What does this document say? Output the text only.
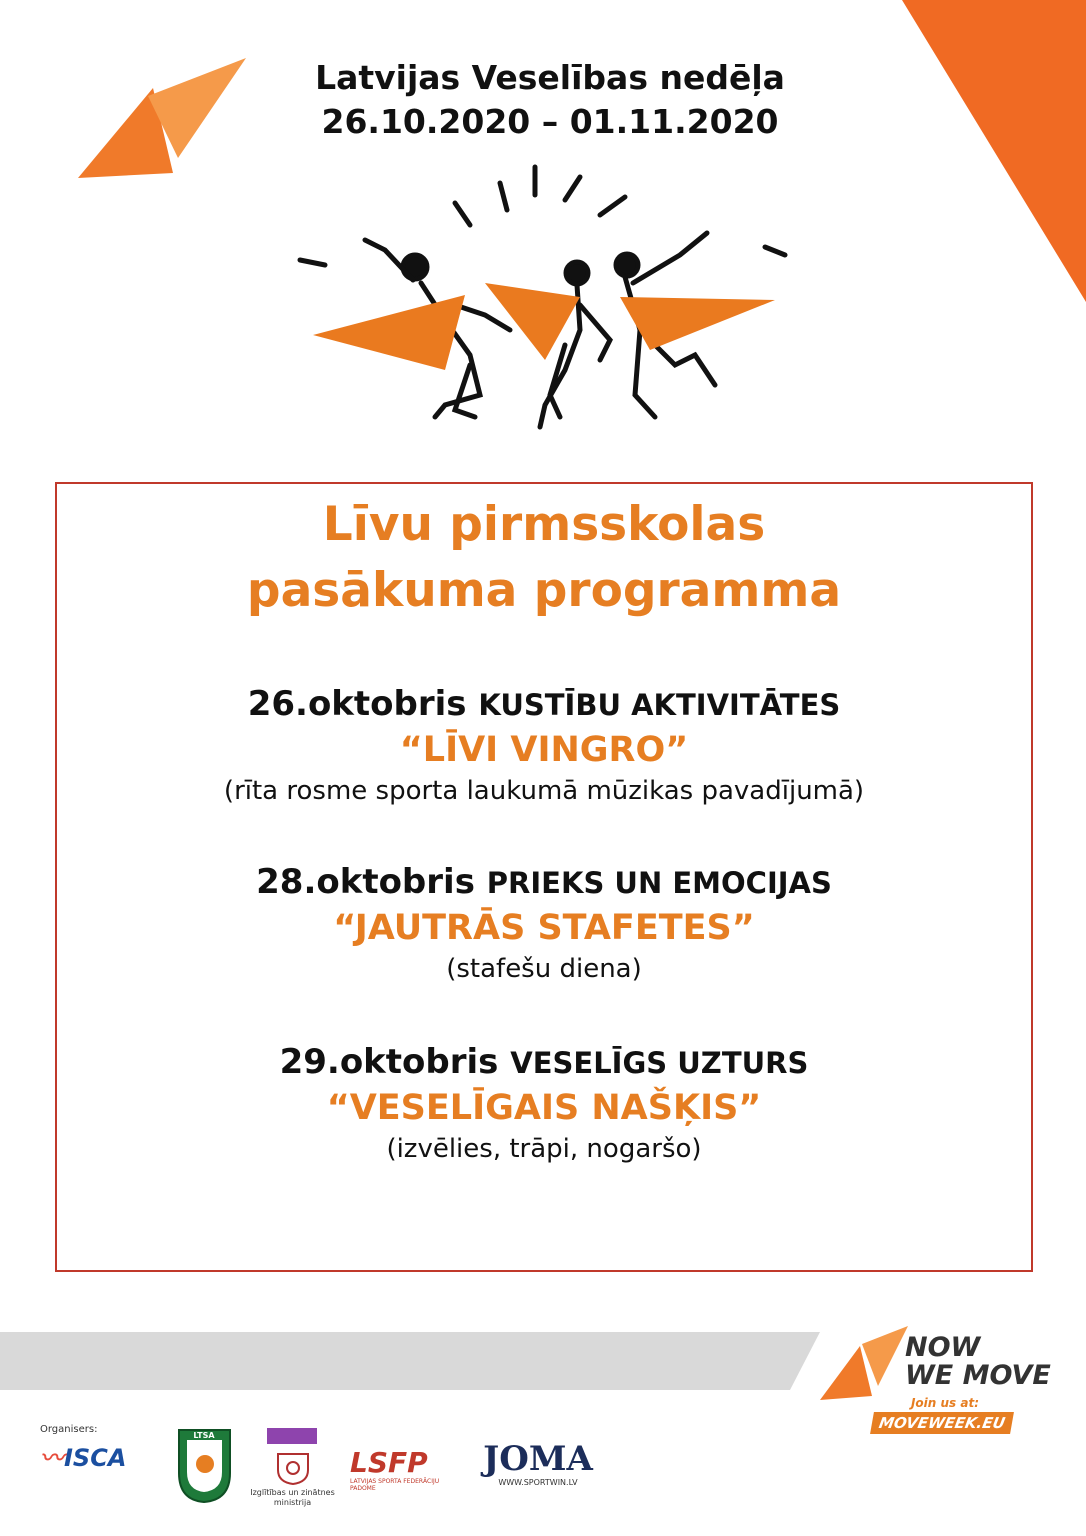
Latvijas Veselības nedēļa
26.10.2020 – 01.11.2020
Līvu pirmsskolas
pasākuma programma
26.oktobris KUSTĪBU AKTIVITĀTES
“LĪVI VINGRO”
(rīta rosme sporta laukumā mūzikas pavadījumā)
28.oktobris PRIEKS UN EMOCIJAS
“JAUTRĀS STAFETES”
(stafešu diena)
29.oktobris VESELĪGS UZTURS
“VESELĪGAIS NAŠĶIS”
(izvēlies, trāpi, nogaršo)
NOW
WE MOVE
Join us at:
MOVEWEEK.EU
Organisers:
〰ISCA
LTSA
Izglītības un zinātnes
ministrija
LSFP
LATVIJAS SPORTA FEDERĀCIJU PADOME
JOMA
WWW.SPORTWIN.LV
